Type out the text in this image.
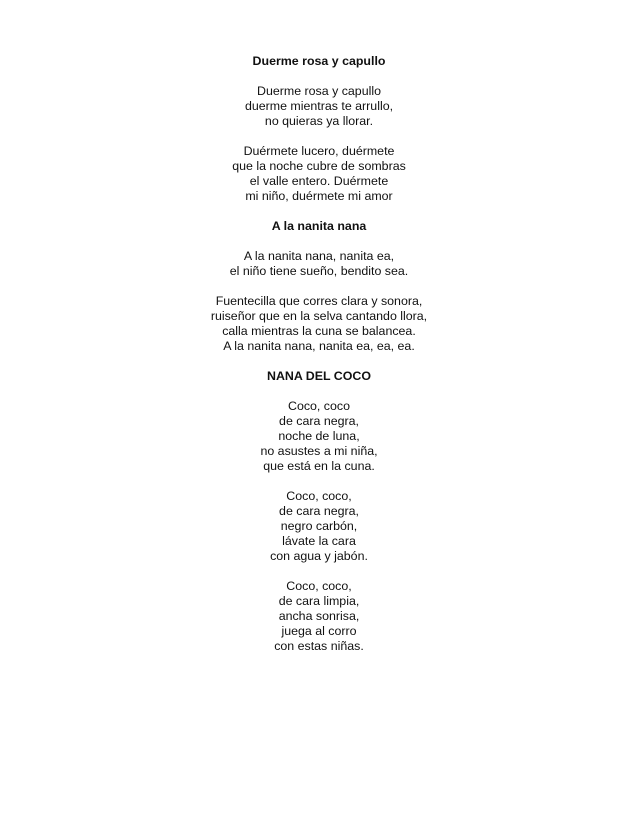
Duerme rosa y capullo

Duerme rosa y capullo
duerme mientras te arrullo,
no quieras ya llorar.
Duérmete lucero, duérmete
que la noche cubre de sombras
el valle entero. Duérmete
mi niño, duérmete mi amor

A la nanita nana

A la nanita nana, nanita ea,
el niño tiene sueño, bendito sea.
Fuentecilla que corres clara y sonora,
ruiseñor que en la selva cantando llora,
calla mientras la cuna se balancea.
A la nanita nana, nanita ea, ea, ea.

NANA DEL COCO

Coco, coco
de cara negra,
noche de luna,
no asustes a mi niña,
que está en la cuna.
Coco, coco,
de cara negra,
negro carbón,
lávate la cara
con agua y jabón.
Coco, coco,
de cara limpia,
ancha sonrisa,
juega al corro
con estas niñas.
